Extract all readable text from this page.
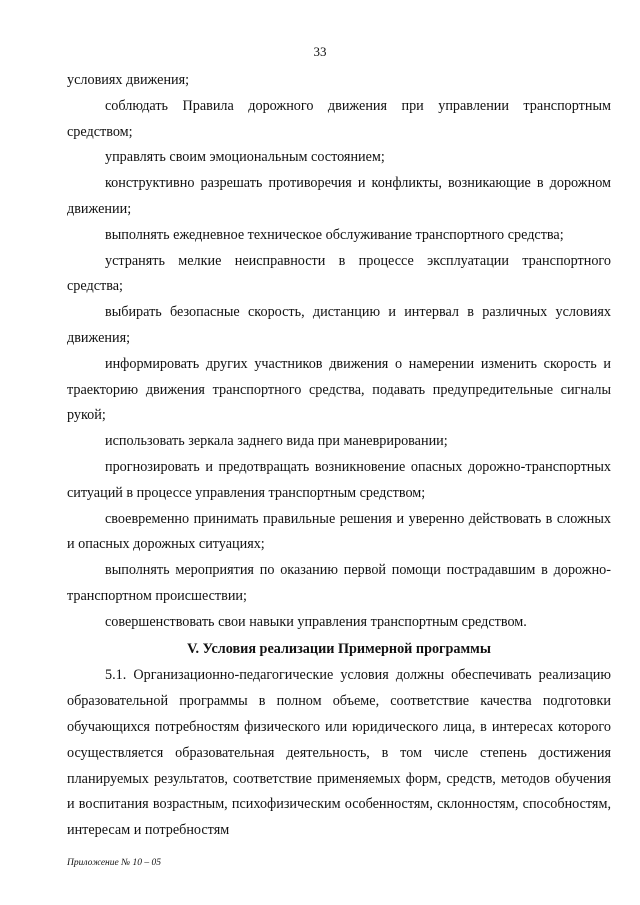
33

условиях движения;

соблюдать Правила дорожного движения при управлении транспортным средством;

управлять своим эмоциональным состоянием;

конструктивно разрешать противоречия и конфликты, возникающие в дорожном движении;

выполнять ежедневное техническое обслуживание транспортного средства;

устранять мелкие неисправности в процессе эксплуатации транспортного средства;

выбирать безопасные скорость, дистанцию и интервал в различных условиях движения;

информировать других участников движения о намерении изменить скорость и траекторию движения транспортного средства, подавать предупредительные сигналы рукой;

использовать зеркала заднего вида при маневрировании;

прогнозировать и предотвращать возникновение опасных дорожно-транспортных ситуаций в процессе управления транспортным средством;

своевременно принимать правильные решения и уверенно действовать в сложных и опасных дорожных ситуациях;

выполнять мероприятия по оказанию первой помощи пострадавшим в дорожно-транспортном происшествии;

совершенствовать свои навыки управления транспортным средством.

V. Условия реализации Примерной программы

5.1. Организационно-педагогические условия должны обеспечивать реализацию образовательной программы в полном объеме, соответствие качества подготовки обучающихся потребностям физического или юридического лица, в интересах которого осуществляется образовательная деятельность, в том числе степень достижения планируемых результатов, соответствие применяемых форм, средств, методов обучения и воспитания возрастным, психофизическим особенностям, склонностям, способностям, интересам и потребностям

Приложение № 10 – 05
